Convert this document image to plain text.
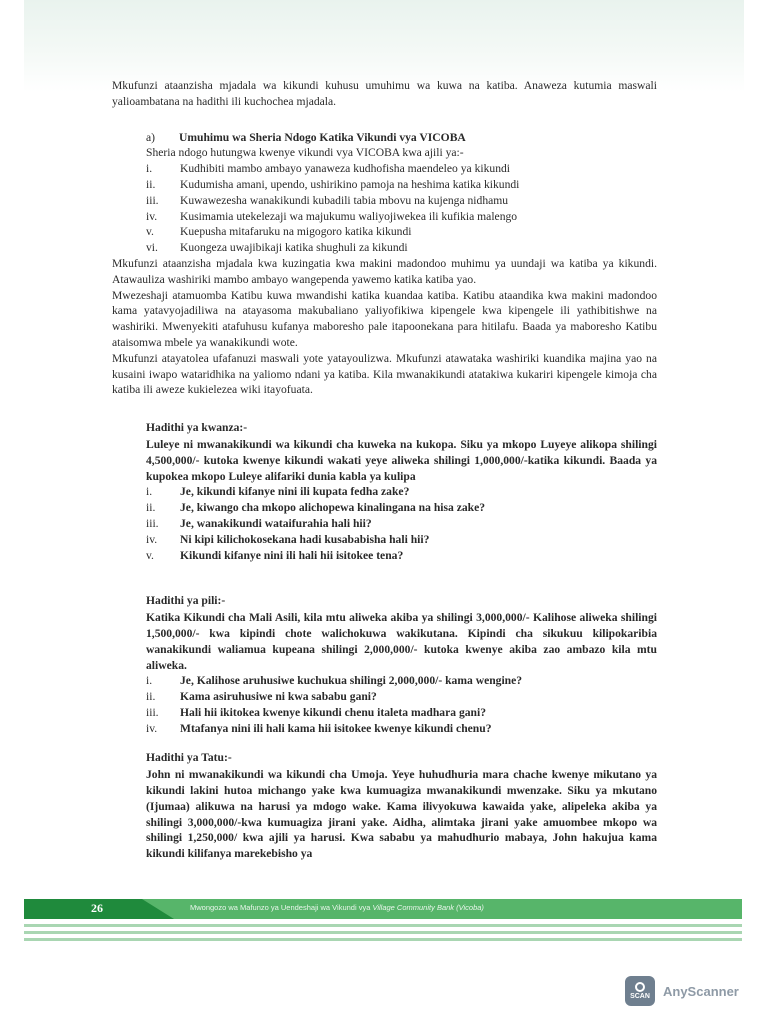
Mkufunzi ataanzisha mjadala wa kikundi kuhusu umuhimu wa kuwa na katiba. Anaweza kutumia maswali yalioambatana na hadithi ili kuchochea mjadala.

a) Umuhimu wa Sheria Ndogo Katika Vikundi vya VICOBA
Sheria ndogo hutungwa kwenye vikundi vya VICOBA kwa ajili ya:-
i.	Kudhibiti mambo ambayo yanaweza kudhofisha maendeleo ya kikundi
ii.	Kudumisha amani, upendo, ushirikino pamoja na heshima katika kikundi
iii.	Kuwawezesha wanakikundi kubadili tabia mbovu na kujenga nidhamu
iv.	Kusimamia utekelezaji wa majukumu waliyojiwekea ili kufikia malengo
v.	Kuepusha mitafaruku na migogoro katika kikundi
vi.	Kuongeza uwajibikaji katika shughuli za kikundi

Mkufunzi ataanzisha mjadala kwa kuzingatia kwa makini madondoo muhimu ya uundaji wa katiba ya kikundi. Atawauliza washiriki mambo ambayo wangependa yawemo katika katiba yao.

Mwezeshaji atamuomba Katibu kuwa mwandishi katika kuandaa katiba. Katibu ataandika kwa makini madondoo kama yatavyojadiliwa na atayasoma makubaliano yaliyofikiwa kipengele kwa kipengele ili yathibitishwe na washiriki. Mwenyekiti atafuhusu kufanya maboresho pale itapoonekana para hitilafu. Baada ya maboresho Katibu ataisomwa mbele ya wanakikundi wote.

Mkufunzi atayatolea ufafanuzi maswali yote yatayoulizwa. Mkufunzi atawataka washiriki kuandika majina yao na kusaini iwapo wataridhika na yaliomo ndani ya katiba. Kila mwanakikundi atatakiwa kukariri kipengele kimoja cha katiba ili aweze kukielezea wiki itayofuata.

Hadithi ya kwanza:-

Luleye ni mwanakikundi wa kikundi cha kuweka na kukopa. Siku ya mkopo Luyeye alikopa shilingi 4,500,000/- kutoka kwenye kikundi wakati yeye aliweka shilingi 1,000,000/-katika kikundi. Baada ya kupokea mkopo Luleye alifariki dunia kabla ya kulipa

i.	Je, kikundi kifanye nini ili kupata fedha zake?
ii.	Je, kiwango cha mkopo alichopewa kinalingana na hisa zake?
iii.	Je, wanakikundi wataifurahia hali hii?
iv.	Ni kipi kilichokosekana hadi kusababisha hali hii?
v.	Kikundi kifanye nini ili hali hii isitokee tena?
Hadithi ya pili:-

Katika Kikundi cha Mali Asili, kila mtu aliweka akiba ya shilingi 3,000,000/- Kalihose aliweka shilingi 1,500,000/- kwa kipindi chote walichokuwa wakikutana. Kipindi cha sikukuu kilipokaribia wanakikundi waliamua kupeana shilingi 2,000,000/- kutoka kwenye akiba zao ambazo kila mtu aliweka.

i.	Je, Kalihose aruhusiwe kuchukua shilingi 2,000,000/- kama wengine?
ii.	Kama asiruhusiwe ni kwa sababu gani?
iii.	Hali hii ikitokea kwenye kikundi chenu italeta madhara gani?
iv.	Mtafanya nini ili hali kama hii isitokee kwenye kikundi chenu?
Hadithi ya Tatu:-

John ni mwanakikundi wa kikundi cha Umoja. Yeye huhudhuria mara chache kwenye mikutano ya kikundi lakini hutoa michango yake kwa kumuagiza mwanakikundi mwenzake. Siku ya mkutano (Ijumaa) alikuwa na harusi ya mdogo wake. Kama ilivyokuwa kawaida yake, alipeleka akiba ya shilingi 3,000,000/-kwa kumuagiza jirani yake. Aidha, alimtaka jirani yake amuombee mkopo wa shilingi 1,250,000/ kwa ajili ya harusi. Kwa sababu ya mahudhurio mabaya, John hakujua kama kikundi kilifanya marekebisho ya

26	Mwongozo wa Mafunzo ya Uendeshaji wa Vikundi vya Village Community Bank (Vicoba)
SCAN AnyScanner
